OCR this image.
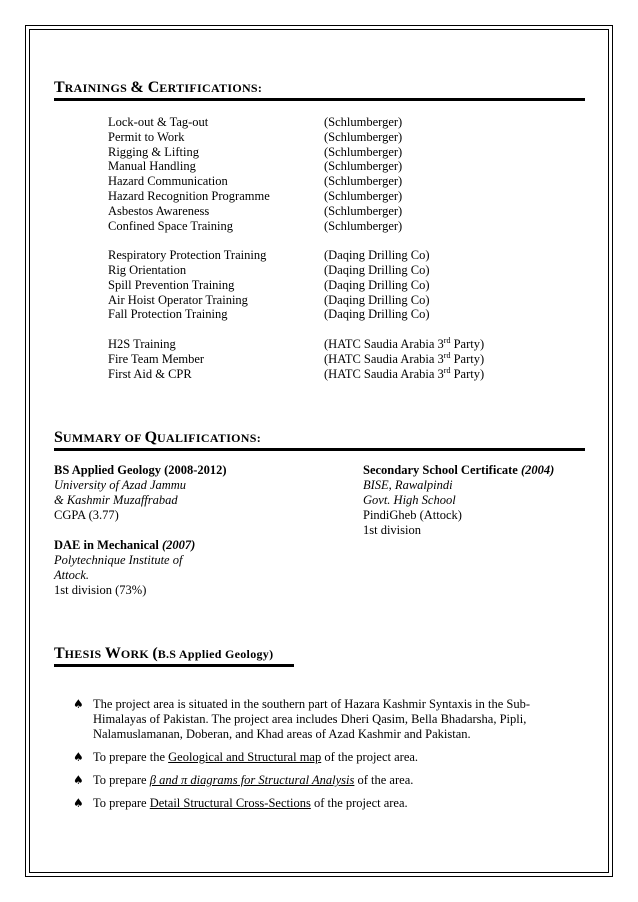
TRAININGS & CERTIFICATIONS:
Lock-out & Tag-out	(Schlumberger)
Permit to Work	(Schlumberger)
Rigging & Lifting	(Schlumberger)
Manual Handling	(Schlumberger)
Hazard Communication	(Schlumberger)
Hazard Recognition Programme	(Schlumberger)
Asbestos Awareness	(Schlumberger)
Confined Space Training	(Schlumberger)
Respiratory Protection Training	(Daqing Drilling Co)
Rig Orientation	(Daqing Drilling Co)
Spill Prevention Training	(Daqing Drilling Co)
Air Hoist Operator Training	(Daqing Drilling Co)
Fall Protection Training	(Daqing Drilling Co)
H2S Training	(HATC Saudia Arabia 3rd Party)
Fire Team Member	(HATC Saudia Arabia 3rd Party)
First Aid & CPR	(HATC Saudia Arabia 3rd Party)
SUMMARY OF QUALIFICATIONS:
BS Applied Geology (2008-2012)
University of Azad Jammu
& Kashmir Muzaffrabad
CGPA (3.77)
DAE in Mechanical (2007)
Polytechnique Institute of
Attock.
1st division (73%)
Secondary School Certificate (2004)
BISE, Rawalpindi
Govt. High School
PindiGheb (Attock)
1st division
THESIS WORK (B.S Applied Geology)
♠ The project area is situated in the southern part of Hazara Kashmir Syntaxis in the Sub-Himalayas of Pakistan. The project area includes Dheri Qasim, Bella Bhadarsha, Pipli, Nalamuslamanan, Doberan, and Khad areas of Azad Kashmir and Pakistan.
♠ To prepare the Geological and Structural map of the project area.
♠ To prepare β and π diagrams for Structural Analysis of the area.
♠ To prepare Detail Structural Cross-Sections of the project area.
